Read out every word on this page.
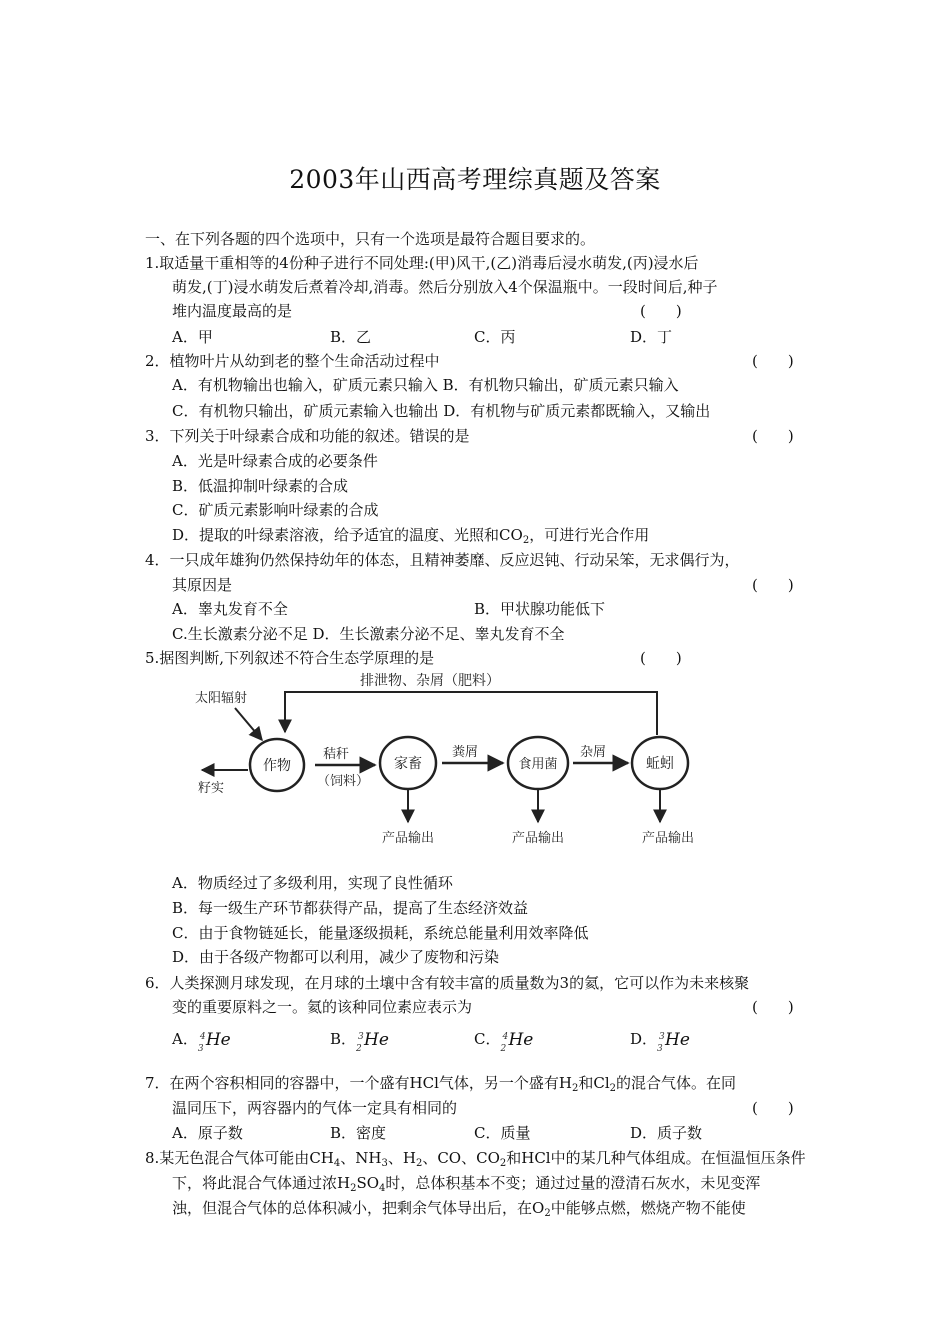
2003年山西高考理综真题及答案
一、在下列各题的四个选项中，只有一个选项是最符合题目要求的。
1.取适量干重相等的4份种子进行不同处理:(甲)风干,(乙)消毒后浸水萌发,(丙)浸水后
萌发,(丁)浸水萌发后煮着冷却,消毒。然后分别放入4个保温瓶中。一段时间后,种子
堆内温度最高的是	(　　)
A．甲	B．乙	C．丙	D．丁
2．植物叶片从幼到老的整个生命活动过程中	(　　)
A．有机物输出也输入，矿质元素只输入 B．有机物只输出，矿质元素只输入
C．有机物只输出，矿质元素输入也输出 D．有机物与矿质元素都既输入，又输出
3．下列关于叶绿素合成和功能的叙述。错误的是	(　　)
A．光是叶绿素合成的必要条件
B．低温抑制叶绿素的合成
C．矿质元素影响叶绿素的合成
D．提取的叶绿素溶液，给予适宜的温度、光照和$CO_2$，可进行光合作用
4．一只成年雄狗仍然保持幼年的体态，且精神萎靡、反应迟钝、行动呆笨，无求偶行为，
其原因是	(　　)
A．睾丸发育不全	B．甲状腺功能低下
C.生长激素分泌不足 D．生长激素分泌不足、睾丸发育不全
5.据图判断,下列叙述不符合生态学原理的是	(　　)
排泄物、杂屑（肥料）
太阳辐射
作物	家畜	食用菌	蚯蚓
秸秆
（饲料）
粪屑	杂屑
籽实
产品输出	产品输出	产品输出
A．物质经过了多级利用，实现了良性循环
B．每一级生产环节都获得产品，提高了生态经济效益
C．由于食物链延长，能量逐级损耗，系统总能量利用效率降低
D．由于各级产物都可以利用，减少了废物和污染
6．人类探测月球发现，在月球的土壤中含有较丰富的质量数为3的氦，它可以作为未来核聚
变的重要原料之一。氦的该种同位素应表示为	(　　)
A． 4
3 He	B． 3
2 He	C． 4
2 He	D． 3
3 He
7．在两个容积相同的容器中，一个盛有HCl气体，另一个盛有$H_2$和$Cl_2$的混合气体。在同
温同压下，两容器内的气体一定具有相同的	(　　)
A．原子数	B．密度	C．质量	D．质子数
8.某无色混合气体可能由$CH_4$、$NH_3$、$H_2$、CO、$CO_2$和HCl中的某几种气体组成。在恒温恒压条件
下，将此混合气体通过浓$H_2SO_4$时，总体积基本不变；通过过量的澄清石灰水，未见变浑
浊，但混合气体的总体积减小，把剩余气体导出后，在$O_2$中能够点燃，燃烧产物不能使
